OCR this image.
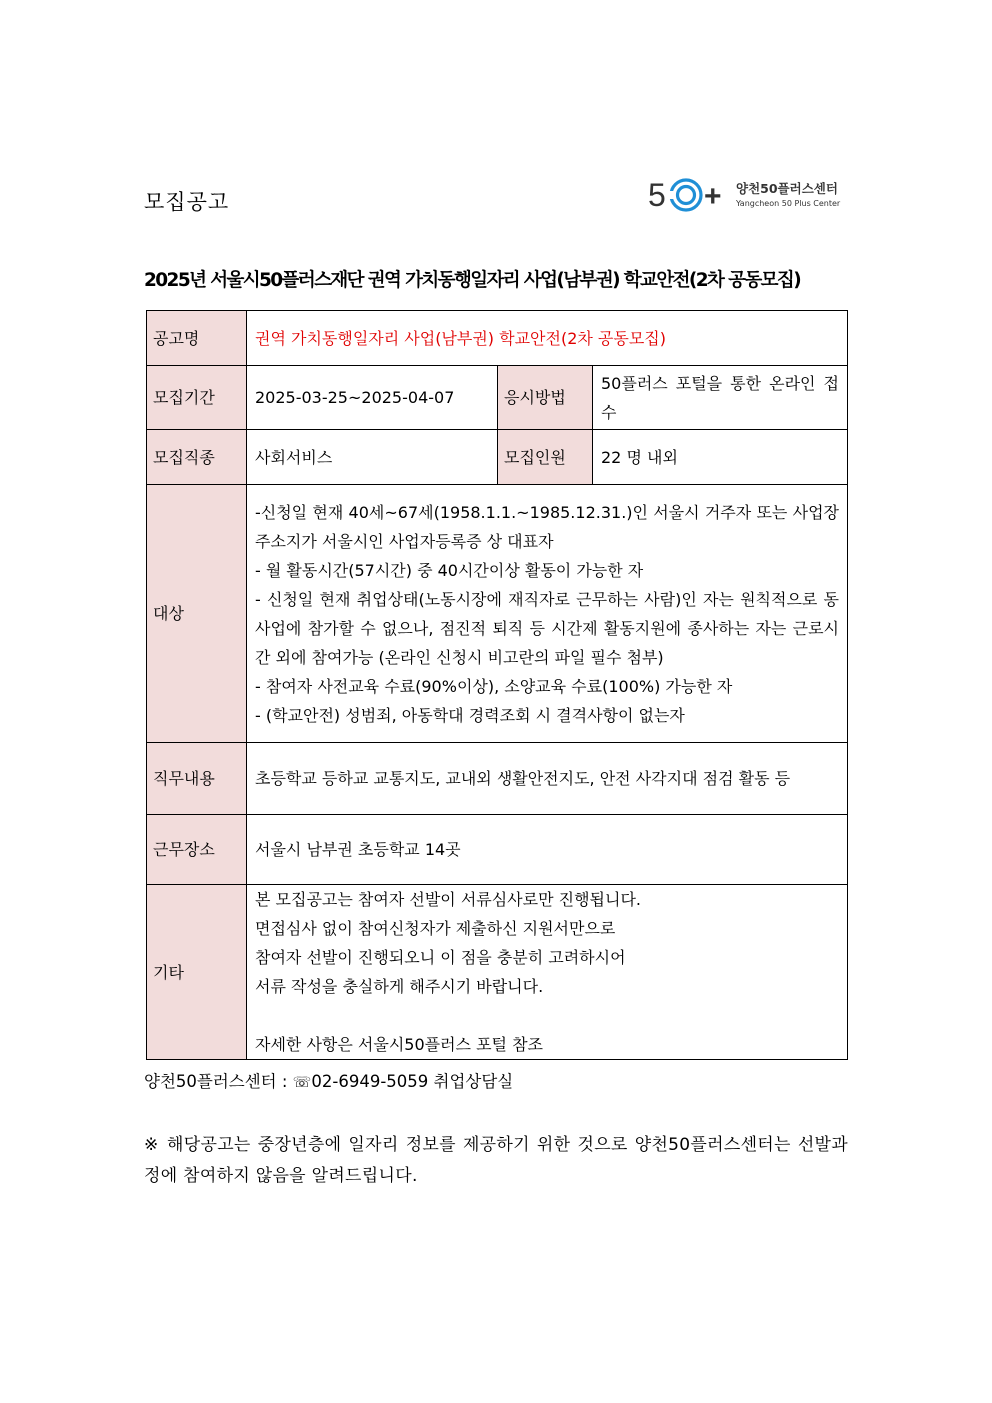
모집공고	5 + 양천50플러스센터
Yangcheon 50 Plus Center
2025년 서울시50플러스재단 권역 가치동행일자리 사업(남부권) 학교안전(2차 공동모집)
공고명	권역 가치동행일자리 사업(남부권) 학교안전(2차 공동모집)		
모집기간	2025-03-25~2025-04-07	응시방법	50플러스 포털을 통한 온라인 접수
모집직종	사회서비스	모집인원	22 명 내외
대상	-신청일 현재 40세~67세(1958.1.1.~1985.12.31.)인 서울시 거주자 또는 사업장 주소지가 서울시인 사업자등록증 상 대표자
- 월 활동시간(57시간) 중 40시간이상 활동이 가능한 자
- 신청일 현재 취업상태(노동시장에 재직자로 근무하는 사람)인 자는 원칙적으로 동 사업에 참가할 수 없으나, 점진적 퇴직 등 시간제 활동지원에 종사하는 자는 근로시간 외에 참여가능 (온라인 신청시 비고란의 파일 필수 첨부)
- 참여자 사전교육 수료(90%이상), 소양교육 수료(100%) 가능한 자
- (학교안전) 성범죄, 아동학대 경력조회 시 결격사항이 없는자		

직무내용	초등학교 등하교 교통지도, 교내외 생활안전지도, 안전 사각지대 점검 활동 등		
근무장소	서울시 남부권 초등학교 14곳		
기타	본 모집공고는 참여자 선발이 서류심사로만 진행됩니다.
면접심사 없이 참여신청자가 제출하신 지원서만으로
참여자 선발이 진행되오니 이 점을 충분히 고려하시어
서류 작성을 충실하게 해주시기 바랍니다.

자세한 사항은 서울시50플러스 포털 참조		
양천50플러스센터 : ☏02-6949-5059 취업상담실
※ 해당공고는 중장년층에 일자리 정보를 제공하기 위한 것으로 양천50플러스센터는 선발과정에 참여하지 않음을 알려드립니다.
